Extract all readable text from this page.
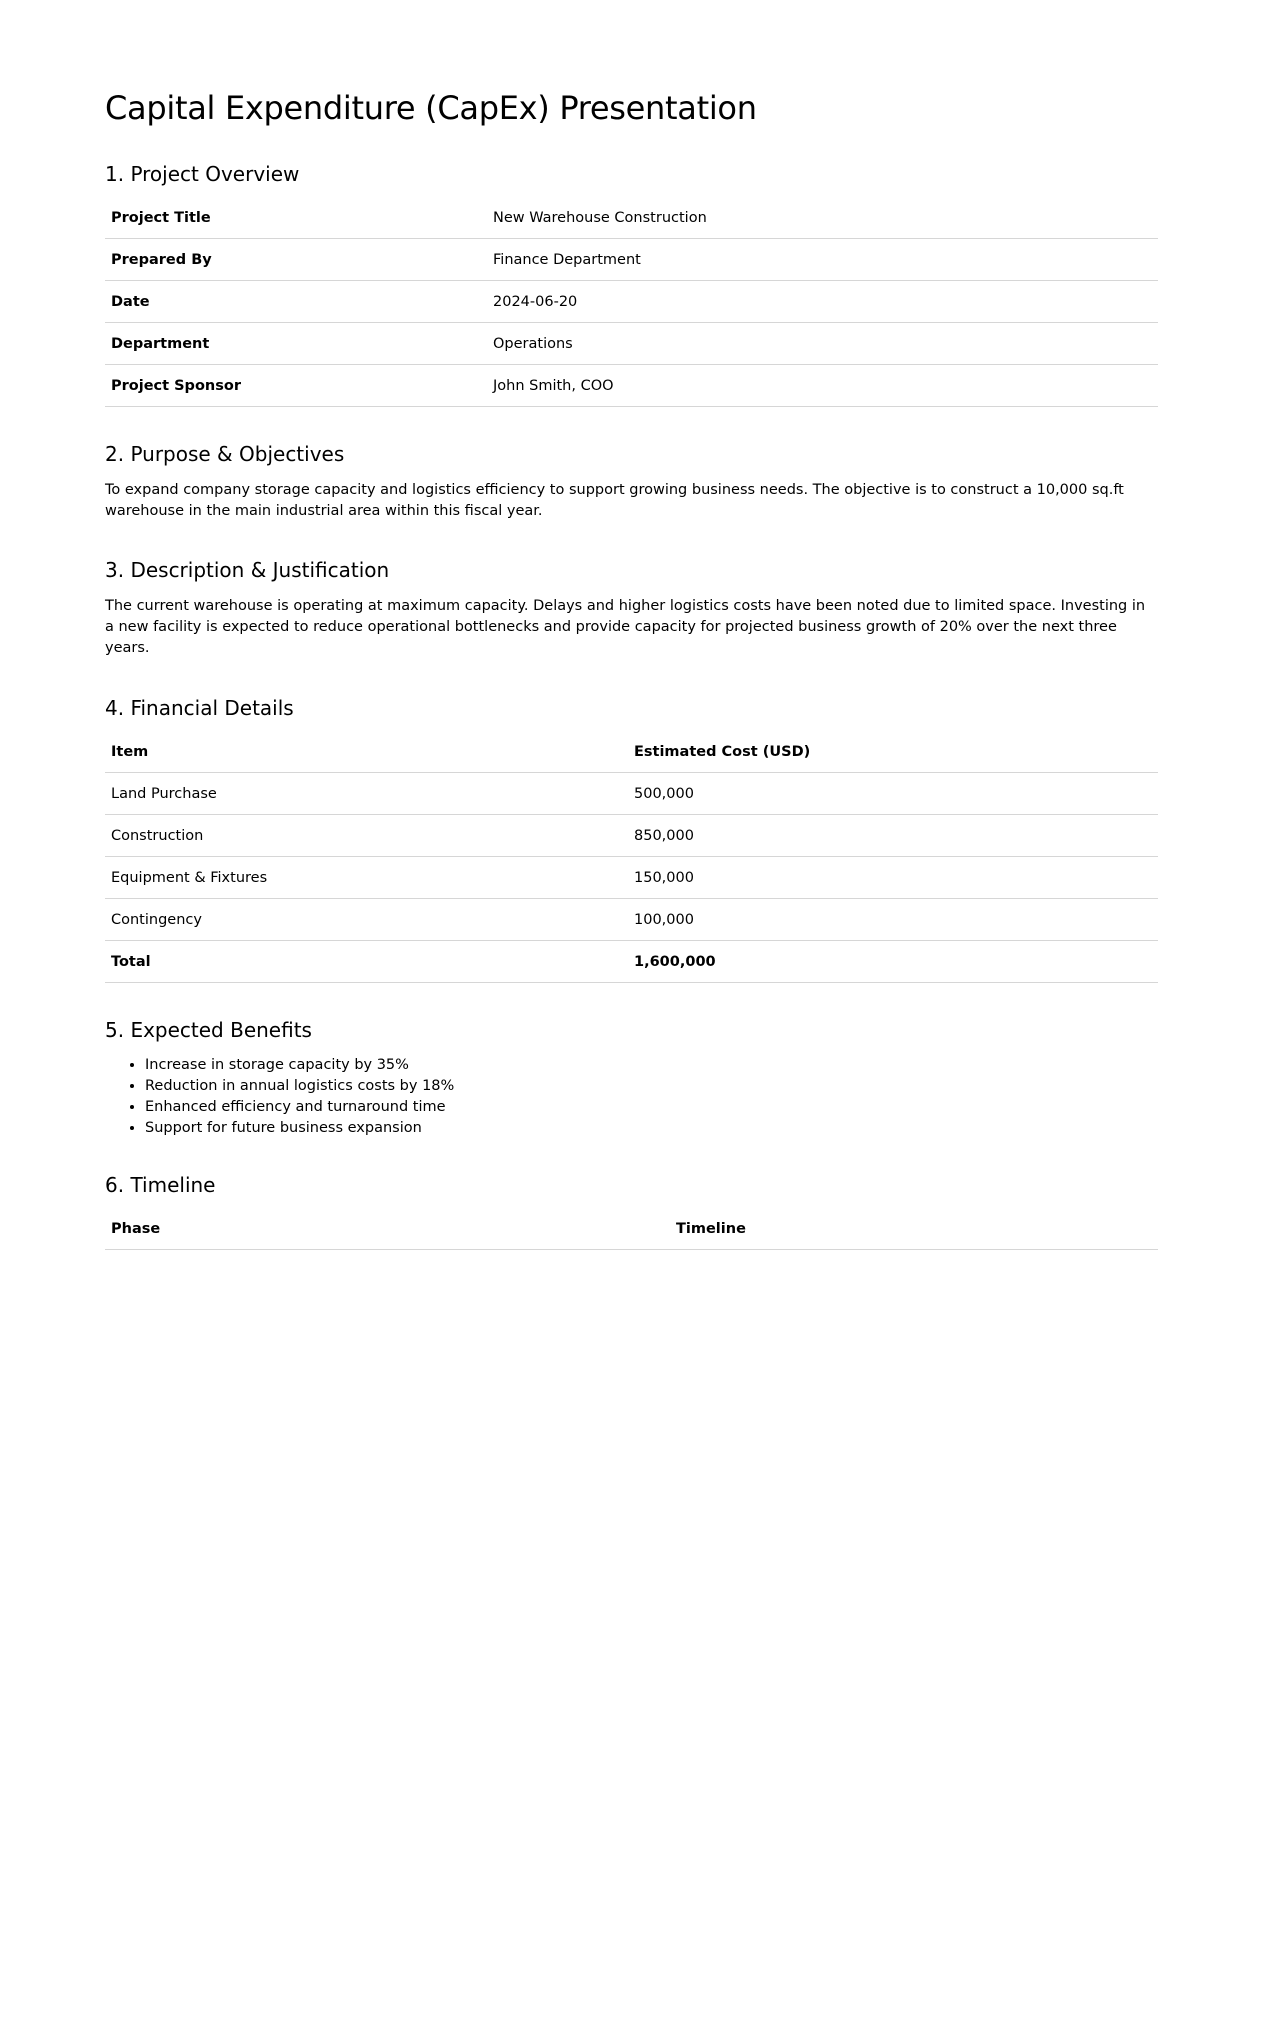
Capital Expenditure (CapEx) Presentation
1. Project Overview
Project Title	New Warehouse Construction
Prepared By	Finance Department
Date	2024-06-20
Department	Operations
Project Sponsor	John Smith, COO
2. Purpose & Objectives

To expand company storage capacity and logistics efficiency to support growing business needs. The objective is to construct a 10,000 sq.ft warehouse in the main industrial area within this fiscal year.

3. Description & Justification

The current warehouse is operating at maximum capacity. Delays and higher logistics costs have been noted due to limited space. Investing in a new facility is expected to reduce operational bottlenecks and provide capacity for projected business growth of 20% over the next three years.

4. Financial Details
Item	Estimated Cost (USD)
Land Purchase	500,000
Construction	850,000
Equipment & Fixtures	150,000
Contingency	100,000
Total	1,600,000
5. Expected Benefits
• Increase in storage capacity by 35%
• Reduction in annual logistics costs by 18%
• Enhanced efficiency and turnaround time
• Support for future business expansion
6. Timeline
Phase	Timeline
